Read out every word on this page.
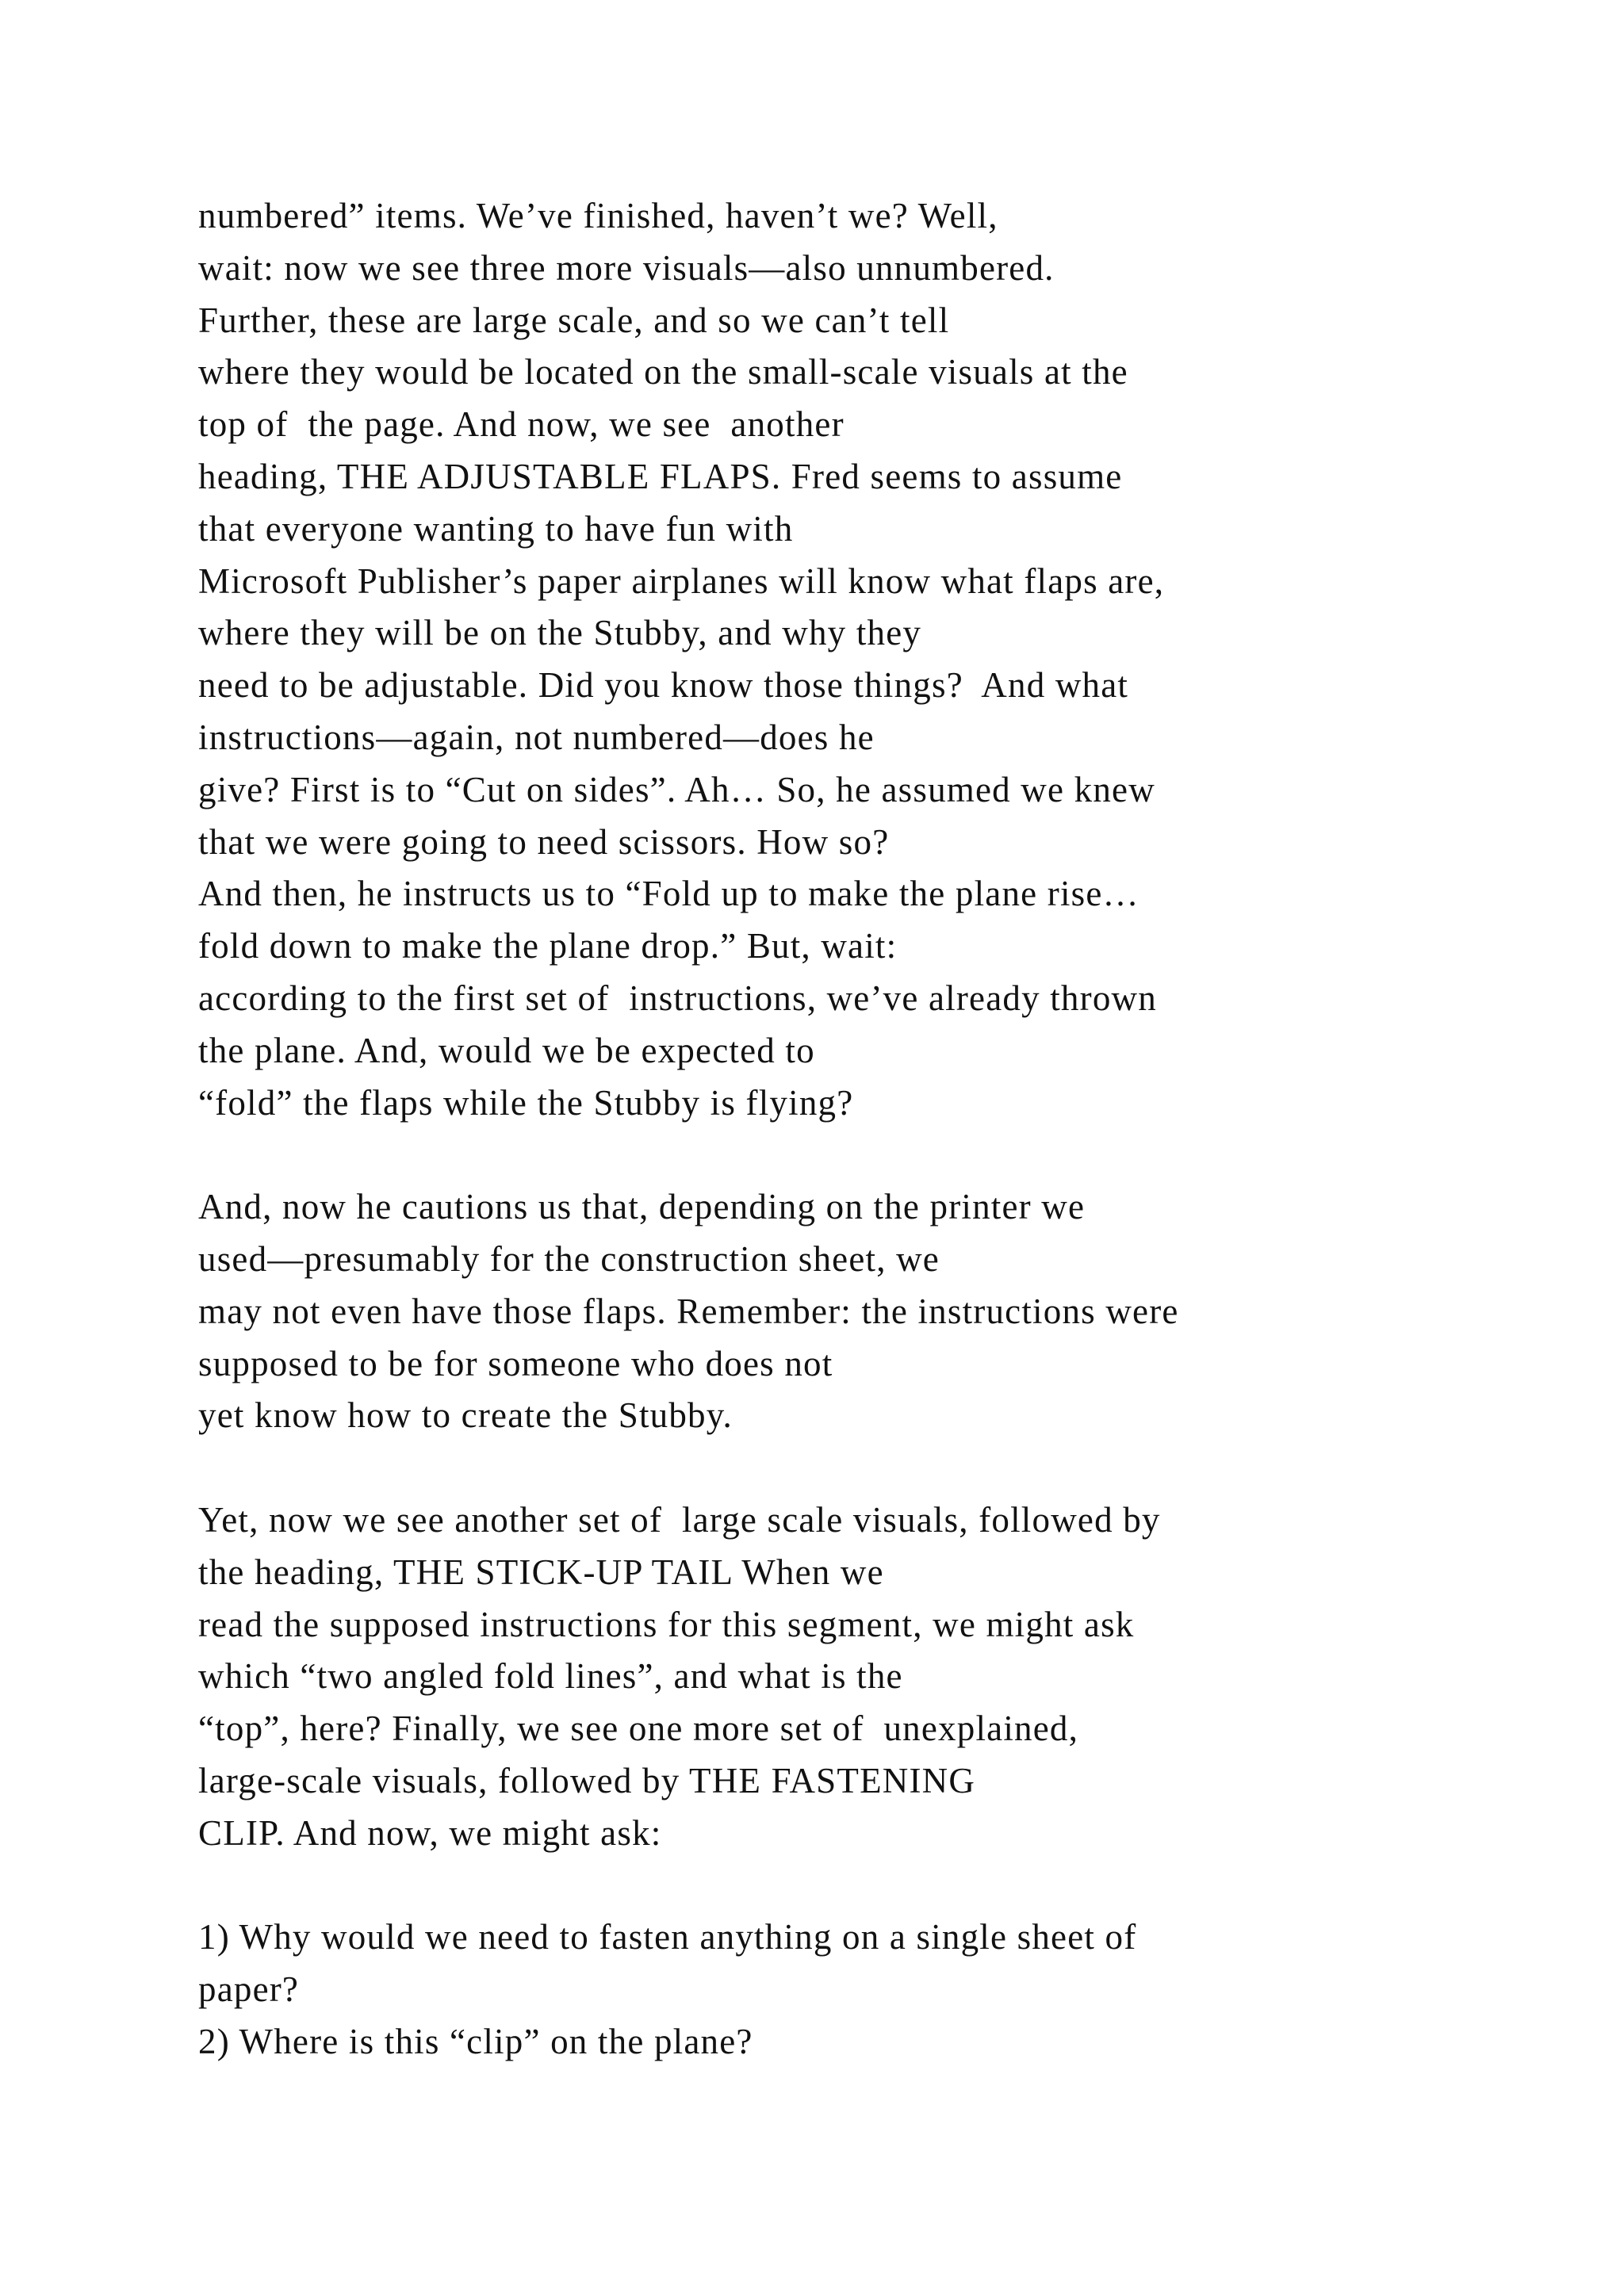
numbered” items. We’ve finished, haven’t we? Well,
wait: now we see three more visuals—also unnumbered.
Further, these are large scale, and so we can’t tell
where they would be located on the small-scale visuals at the
top of  the page. And now, we see  another
heading, THE ADJUSTABLE FLAPS. Fred seems to assume
that everyone wanting to have fun with
Microsoft Publisher’s paper airplanes will know what flaps are,
where they will be on the Stubby, and why they
need to be adjustable. Did you know those things?  And what
instructions—again, not numbered—does he
give? First is to “Cut on sides”. Ah… So, he assumed we knew
that we were going to need scissors. How so?
And then, he instructs us to “Fold up to make the plane rise…
fold down to make the plane drop.” But, wait:
according to the first set of  instructions, we’ve already thrown
the plane. And, would we be expected to
“fold” the flaps while the Stubby is flying?
And, now he cautions us that, depending on the printer we
used—presumably for the construction sheet, we
may not even have those flaps. Remember: the instructions were
supposed to be for someone who does not
yet know how to create the Stubby.
Yet, now we see another set of  large scale visuals, followed by
the heading, THE STICK-UP TAIL When we
read the supposed instructions for this segment, we might ask
which “two angled fold lines”, and what is the
“top”, here? Finally, we see one more set of  unexplained,
large-scale visuals, followed by THE FASTENING
CLIP. And now, we might ask:
1) Why would we need to fasten anything on a single sheet of
paper?
2) Where is this “clip” on the plane?
